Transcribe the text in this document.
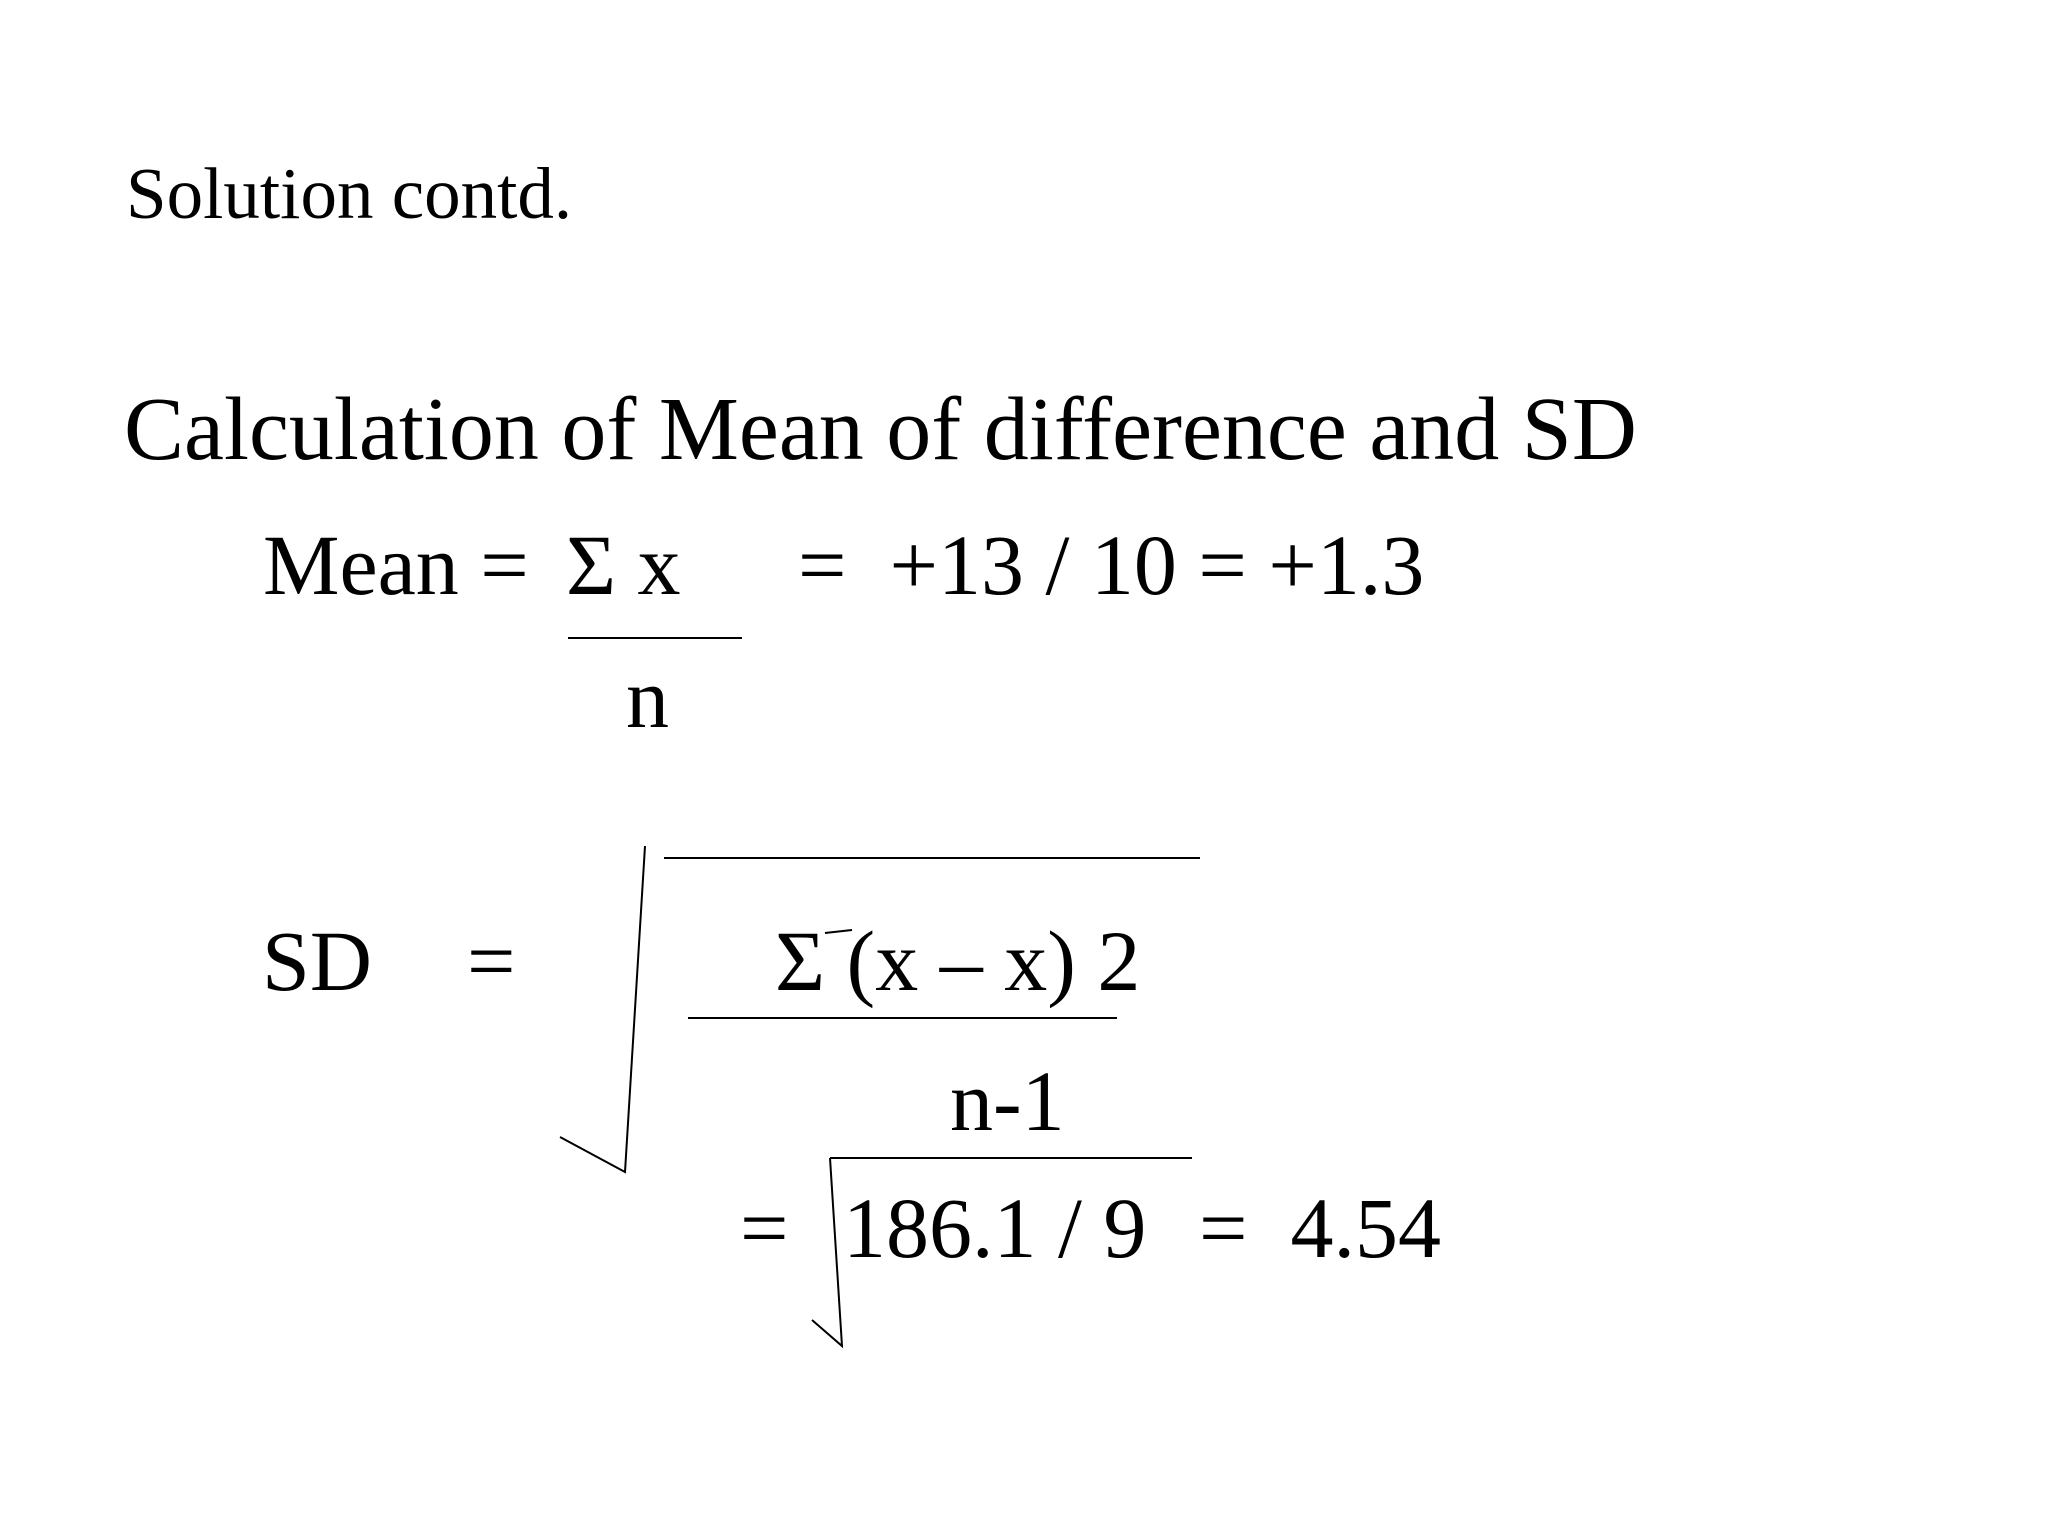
Solution contd.
Calculation of Mean of difference and SD
Mean = Σ x =  +13 / 10 = +1.3
n
SD =	Σ (x – x) 2
n-1
= 186.1 / 9 =  4.54
